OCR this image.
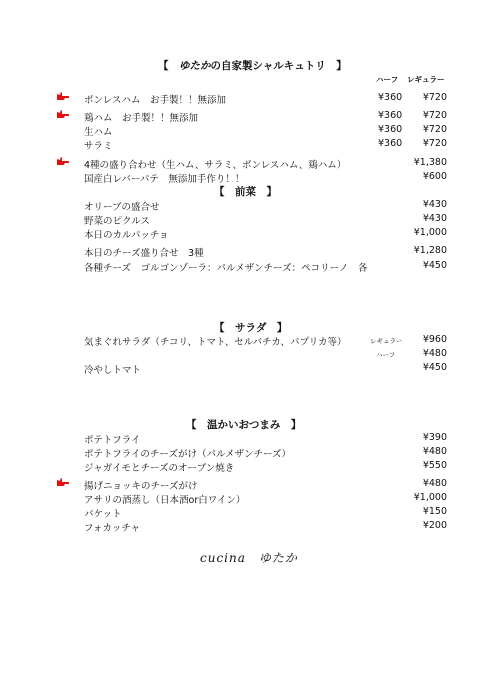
【　ゆたかの自家製シャルキュトリ　】
ハーフ レギュラー
ボンレスハム　お手製！！無添加	¥360 ¥720
鶏ハム　お手製！！無添加	¥360 ¥720
生ハム	¥360 ¥720
サラミ	¥360 ¥720
4種の盛り合わせ（生ハム、サラミ、ボンレスハム、鶏ハム）	¥1,380
国産白レバーパテ　無添加手作り！！	¥600
【　前菜　】
オリーブの盛合せ	¥430
野菜のピクルス	¥430
本日のカルパッチョ	¥1,000
本日のチーズ盛り合せ　3種	¥1,280
各種チーズ　ゴルゴンゾーラ：パルメザンチーズ：ペコリーノ　各	¥450
【　サラダ　】
気まぐれサラダ（チコリ、トマト、セルバチカ、パプリカ等）	レギュラー ¥960
ハーフ	¥480
冷やしトマト	¥450
【　温かいおつまみ　】
ポテトフライ	¥390
ポテトフライのチーズがけ（パルメザンチーズ）	¥480
ジャガイモとチーズのオーブン焼き	¥550
揚げニョッキのチーズがけ	¥480
アサリの酒蒸し（日本酒or白ワイン）	¥1,000
バケット	¥150
フォカッチャ	¥200
cucina　ゆたか
